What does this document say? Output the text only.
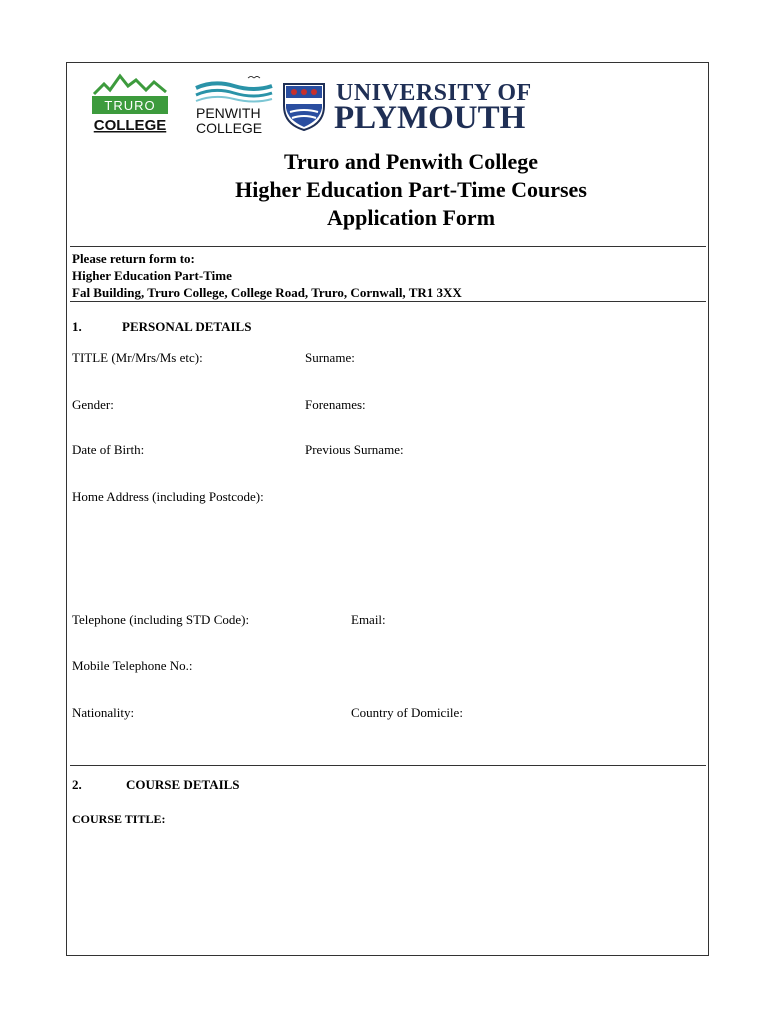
TRURO
COLLEGE
PENWITH
COLLEGE
UNIVERSITY OF
PLYMOUTH
Truro and Penwith College
Higher Education Part-Time Courses
Application Form
Please return form to:
Higher Education Part-Time
Fal Building, Truro College, College Road, Truro, Cornwall, TR1 3XX
1.	PERSONAL DETAILS
TITLE (Mr/Mrs/Ms etc):	Surname:
Gender:	Forenames:
Date of Birth:	Previous Surname:
Home Address (including Postcode):
Telephone (including STD Code):	Email:
Mobile Telephone No.:
Nationality:	Country of Domicile:
2.	COURSE DETAILS
COURSE TITLE:
